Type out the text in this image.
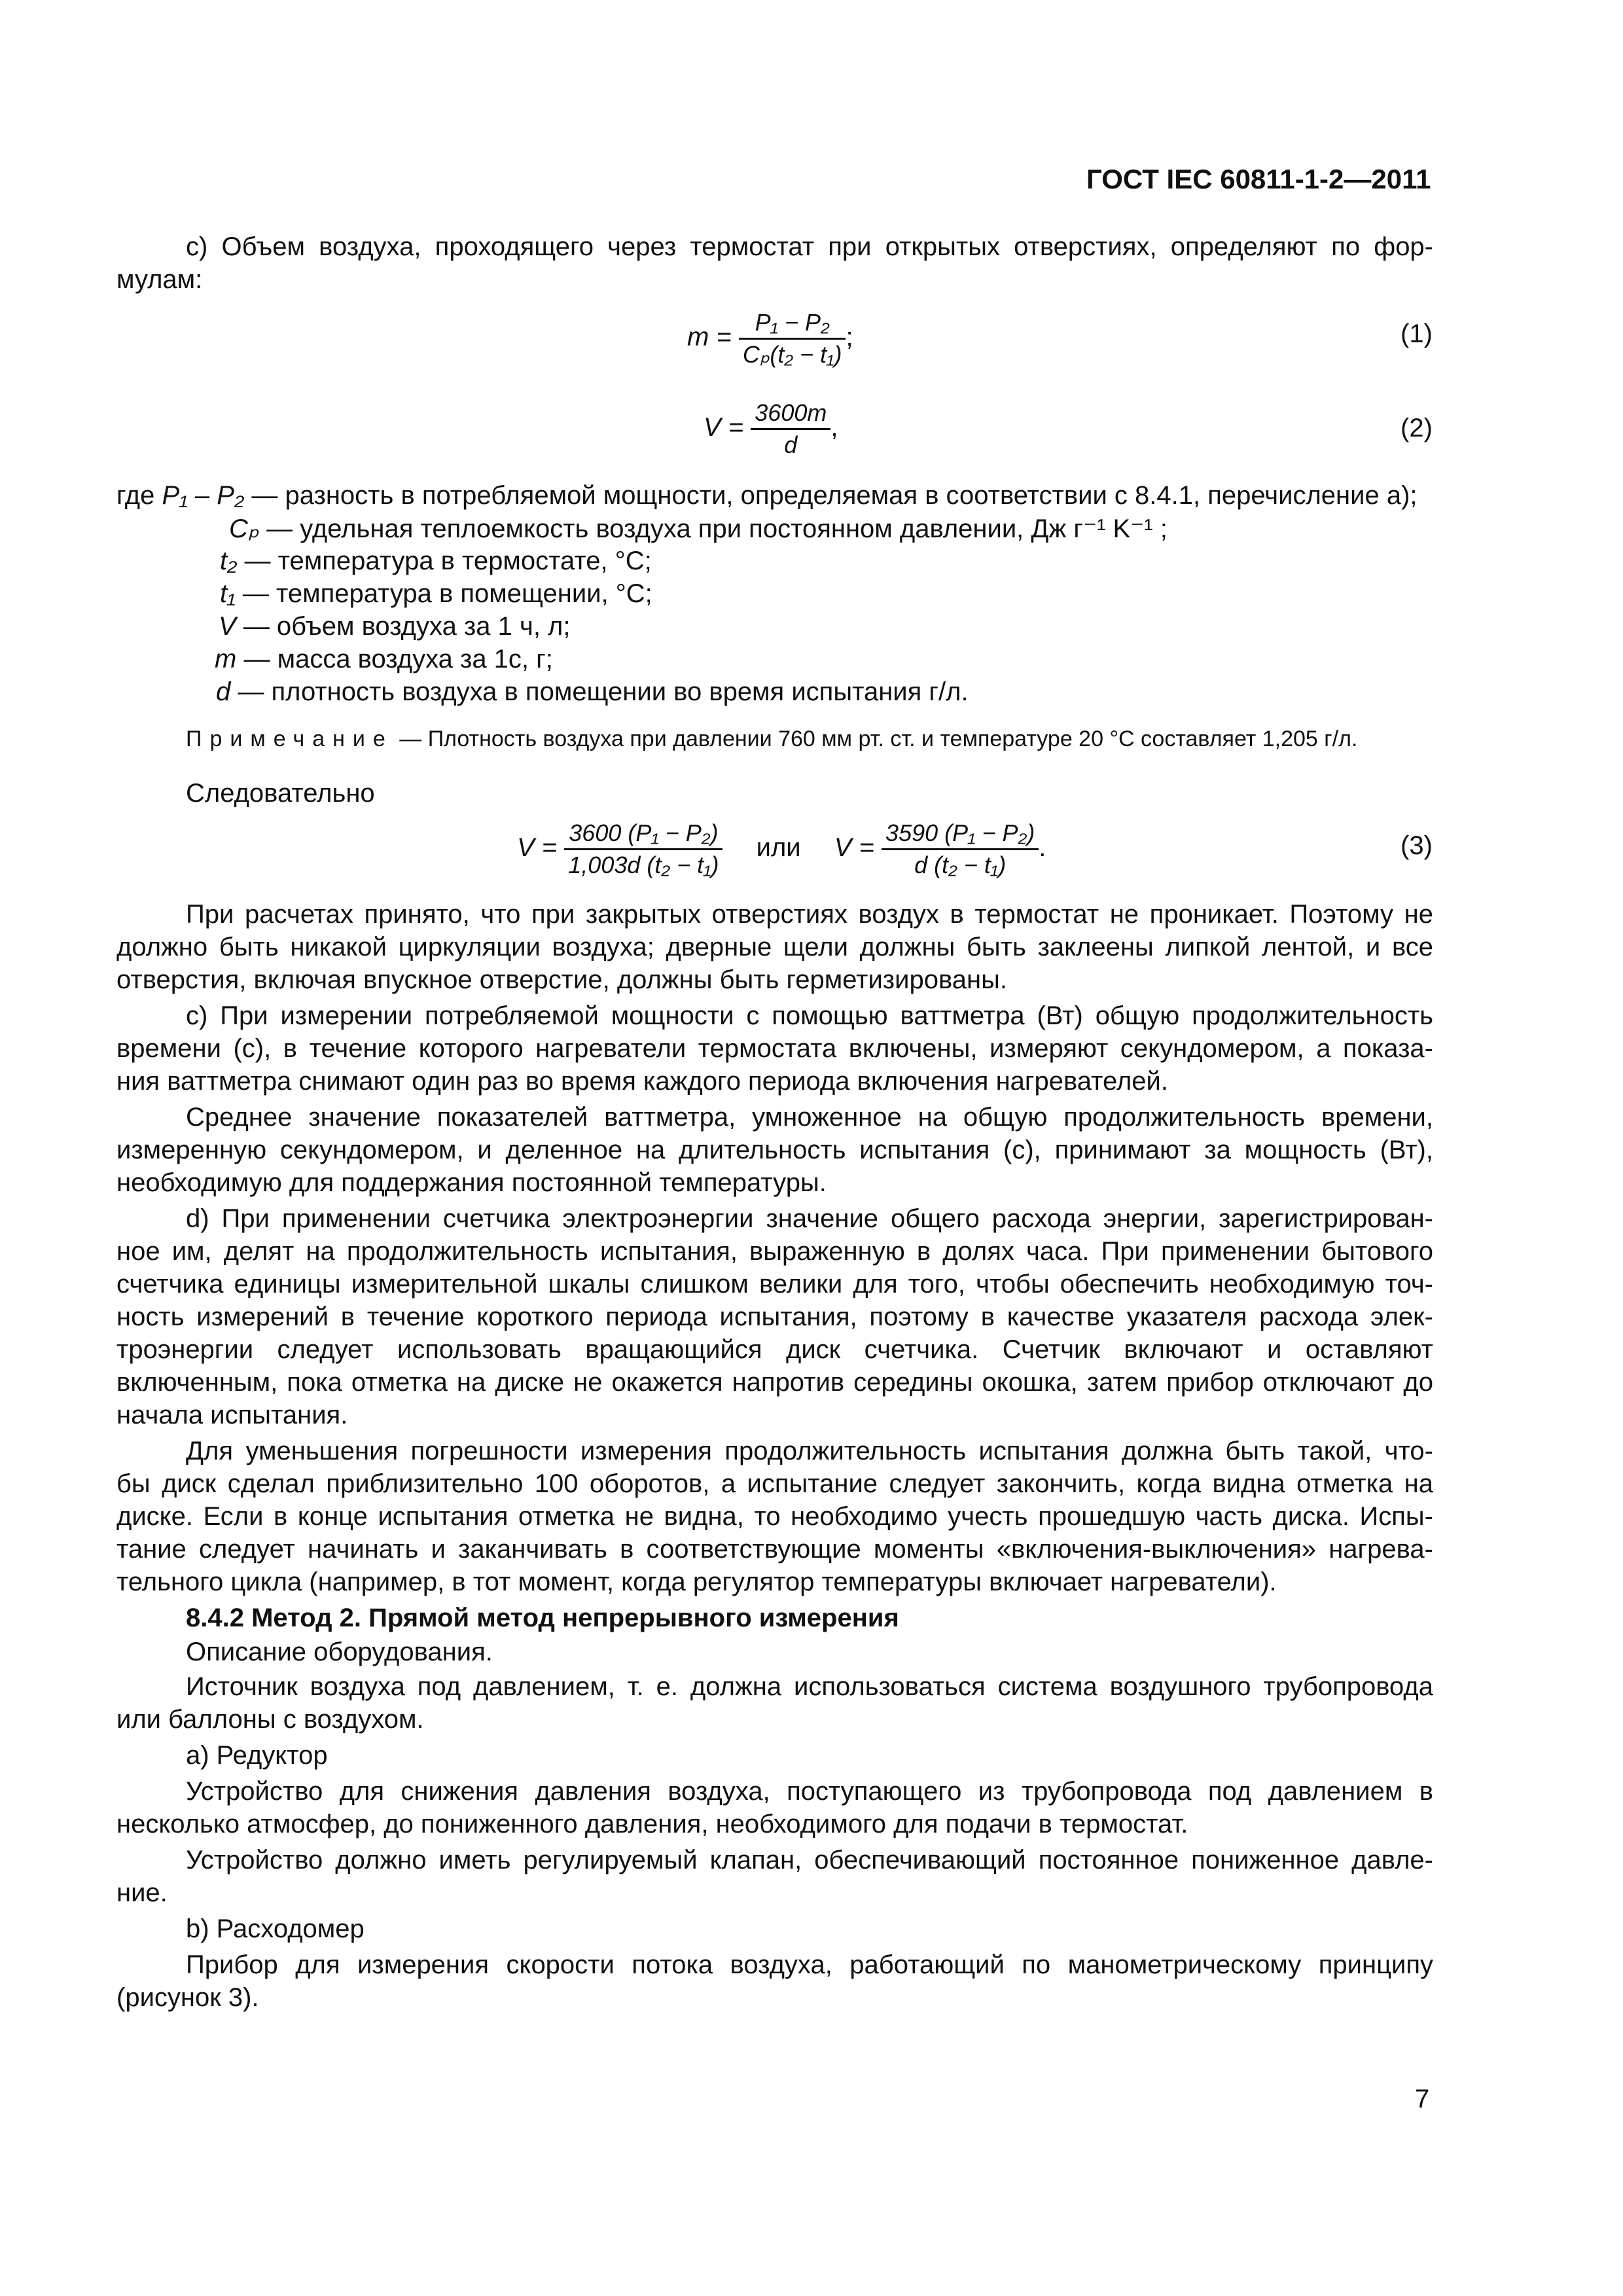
ГОСТ IEC 60811-1-2—2011
c) Объем воздуха, проходящего через термостат при открытых отверстиях, определяют по фор-
мулам:
$m = \frac{\text{P₁ − P₂}}{\text{Cₚ(t₂ − t₁)}}$ ;	(1)
$V = \frac{3600m}{d}$ ,	(2)
где P₁ – P₂ — разность в потребляемой мощности, определяемая в соответствии с 8.4.1, перечисление а);
Cₚ — удельная теплоемкость воздуха при постоянном давлении, Дж г⁻¹ K⁻¹ ;
t₂ — температура в термостате, °С;
t₁ — температура в помещении, °С;
V — объем воздуха за 1 ч, л;
m — масса воздуха за 1с, г;
d — плотность воздуха в помещении во время испытания г/л.
Примечание — Плотность воздуха при давлении 760 мм рт. ст. и температуре 20 °С составляет 1,205 г/л.
Следовательно
$V = \frac{\text{3600 (P₁ − P₂)}}{\text{1,003d (t₂ − t₁)}}$ или $V = \frac{\text{3590 (P₁ − P₂)}}{\text{d (t₂ − t₁)}}$ .	(3)
При расчетах принято, что при закрытых отверстиях воздух в термостат не проникает. Поэтому не
должно быть никакой циркуляции воздуха; дверные щели должны быть заклеены липкой лентой, и все
отверстия, включая впускное отверстие, должны быть герметизированы.
c) При измерении потребляемой мощности с помощью ваттметра (Вт) общую продолжительность
времени (с), в течение которого нагреватели термостата включены, измеряют секундомером, а показа-
ния ваттметра снимают один раз во время каждого периода включения нагревателей.
Среднее значение показателей ваттметра, умноженное на общую продолжительность времени,
измеренную секундомером, и деленное на длительность испытания (с), принимают за мощность (Вт),
необходимую для поддержания постоянной температуры.
d) При применении счетчика электроэнергии значение общего расхода энергии, зарегистрирован-
ное им, делят на продолжительность испытания, выраженную в долях часа. При применении бытового
счетчика единицы измерительной шкалы слишком велики для того, чтобы обеспечить необходимую точ-
ность измерений в течение короткого периода испытания, поэтому в качестве указателя расхода элек-
троэнергии следует использовать вращающийся диск счетчика. Счетчик включают и оставляют
включенным, пока отметка на диске не окажется напротив середины окошка, затем прибор отключают до
начала испытания.
Для уменьшения погрешности измерения продолжительность испытания должна быть такой, что-
бы диск сделал приблизительно 100 оборотов, а испытание следует закончить, когда видна отметка на
диске. Если в конце испытания отметка не видна, то необходимо учесть прошедшую часть диска. Испы-
тание следует начинать и заканчивать в соответствующие моменты «включения-выключения» нагрева-
тельного цикла (например, в тот момент, когда регулятор температуры включает нагреватели).
8.4.2 Метод 2. Прямой метод непрерывного измерения
Описание оборудования.
Источник воздуха под давлением, т. е. должна использоваться система воздушного трубопровода
или баллоны с воздухом.
а) Редуктор
Устройство для снижения давления воздуха, поступающего из трубопровода под давлением в
несколько атмосфер, до пониженного давления, необходимого для подачи в термостат.
Устройство должно иметь регулируемый клапан, обеспечивающий постоянное пониженное давле-
ние.
b) Расходомер
Прибор для измерения скорости потока воздуха, работающий по манометрическому принципу
(рисунок 3).
7
